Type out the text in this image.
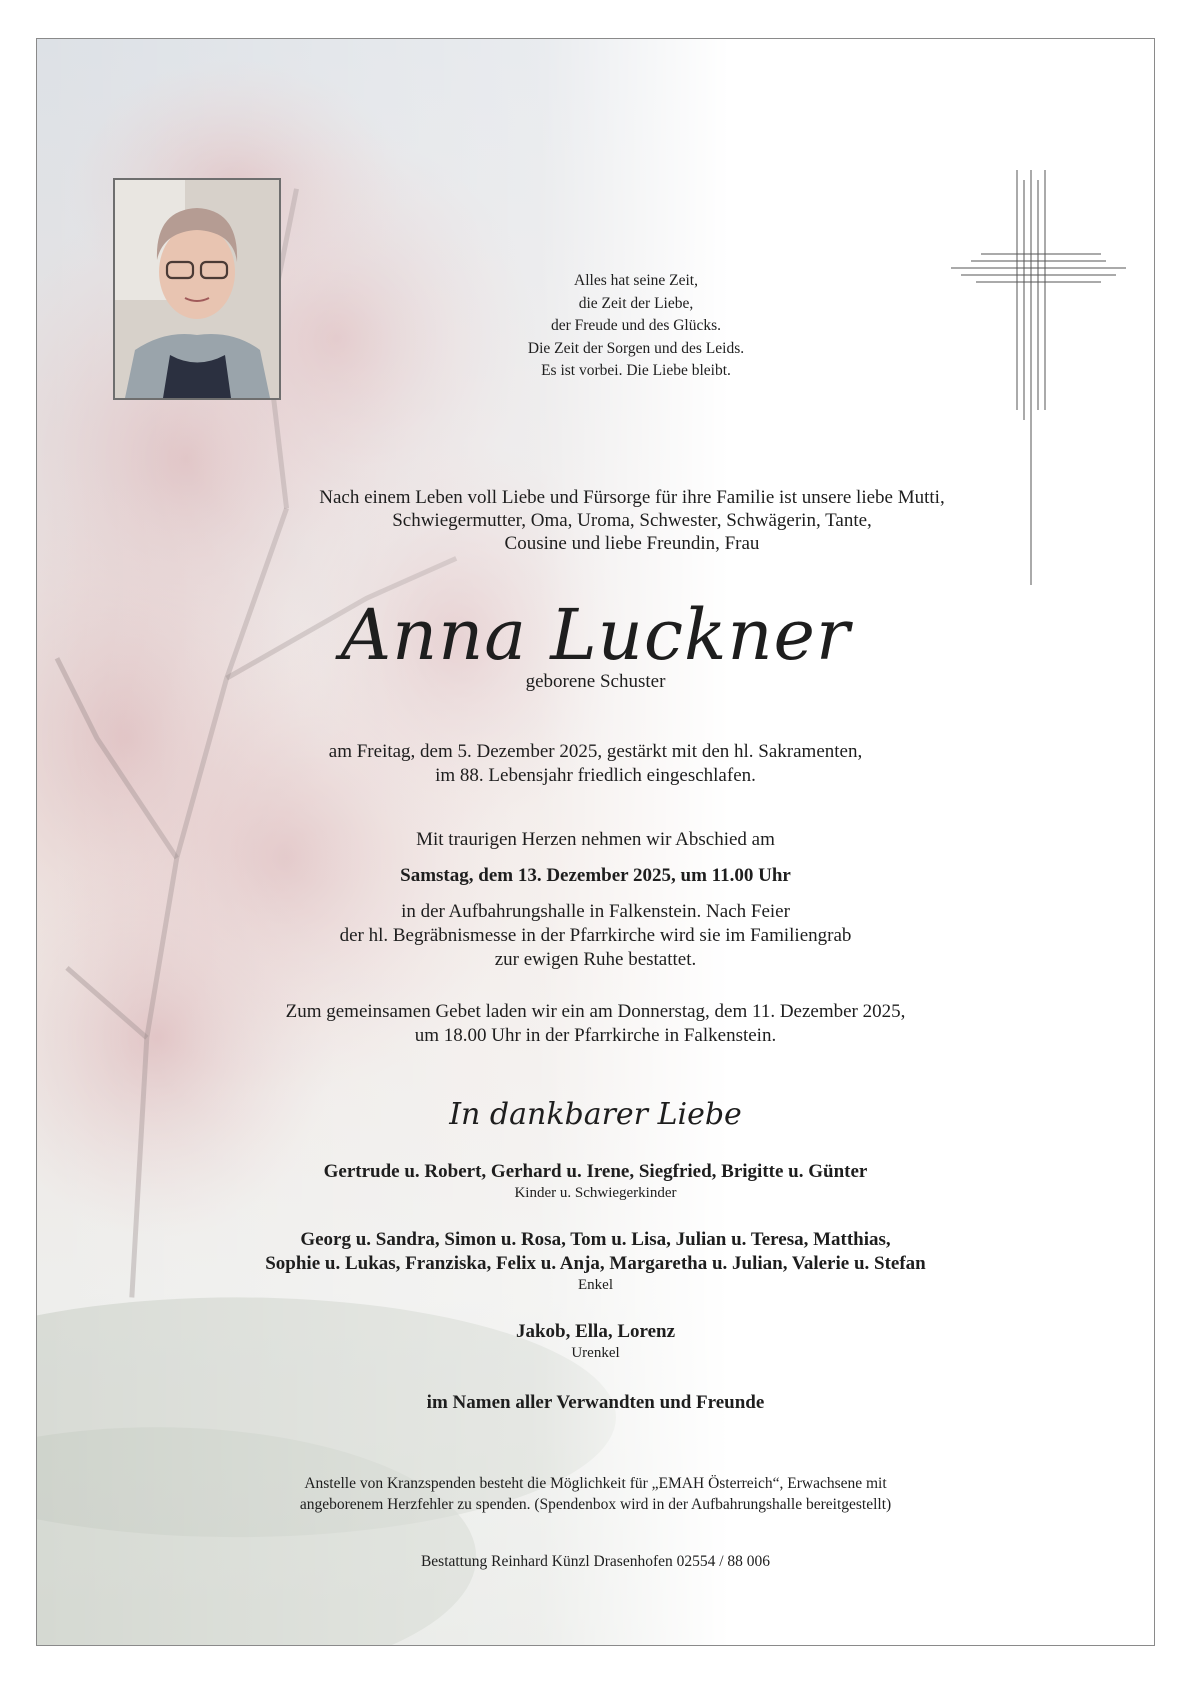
Alles hat seine Zeit,
die Zeit der Liebe,
der Freude und des Glücks.
Die Zeit der Sorgen und des Leids.
Es ist vorbei. Die Liebe bleibt.
Nach einem Leben voll Liebe und Fürsorge für ihre Familie ist unsere liebe Mutti,
Schwiegermutter, Oma, Uroma, Schwester, Schwägerin, Tante,
Cousine und liebe Freundin, Frau
Anna Luckner
geborene Schuster
am Freitag, dem 5. Dezember 2025, gestärkt mit den hl. Sakramenten,
im 88. Lebensjahr friedlich eingeschlafen.
Mit traurigen Herzen nehmen wir Abschied am
Samstag, dem 13. Dezember 2025, um 11.00 Uhr
in der Aufbahrungshalle in Falkenstein. Nach Feier
der hl. Begräbnismesse in der Pfarrkirche wird sie im Familiengrab
zur ewigen Ruhe bestattet.
Zum gemeinsamen Gebet laden wir ein am Donnerstag, dem 11. Dezember 2025,
um 18.00 Uhr in der Pfarrkirche in Falkenstein.
In dankbarer Liebe
Gertrude u. Robert, Gerhard u. Irene, Siegfried, Brigitte u. Günter
Kinder u. Schwiegerkinder
Georg u. Sandra, Simon u. Rosa, Tom u. Lisa, Julian u. Teresa, Matthias,
Sophie u. Lukas, Franziska, Felix u. Anja, Margaretha u. Julian, Valerie u. Stefan
Enkel
Jakob, Ella, Lorenz
Urenkel
im Namen aller Verwandten und Freunde
Anstelle von Kranzspenden besteht die Möglichkeit für „EMAH Österreich“, Erwachsene mit
angeborenem Herzfehler zu spenden. (Spendenbox wird in der Aufbahrungshalle bereitgestellt)
Bestattung Reinhard Künzl Drasenhofen 02554 / 88 006
